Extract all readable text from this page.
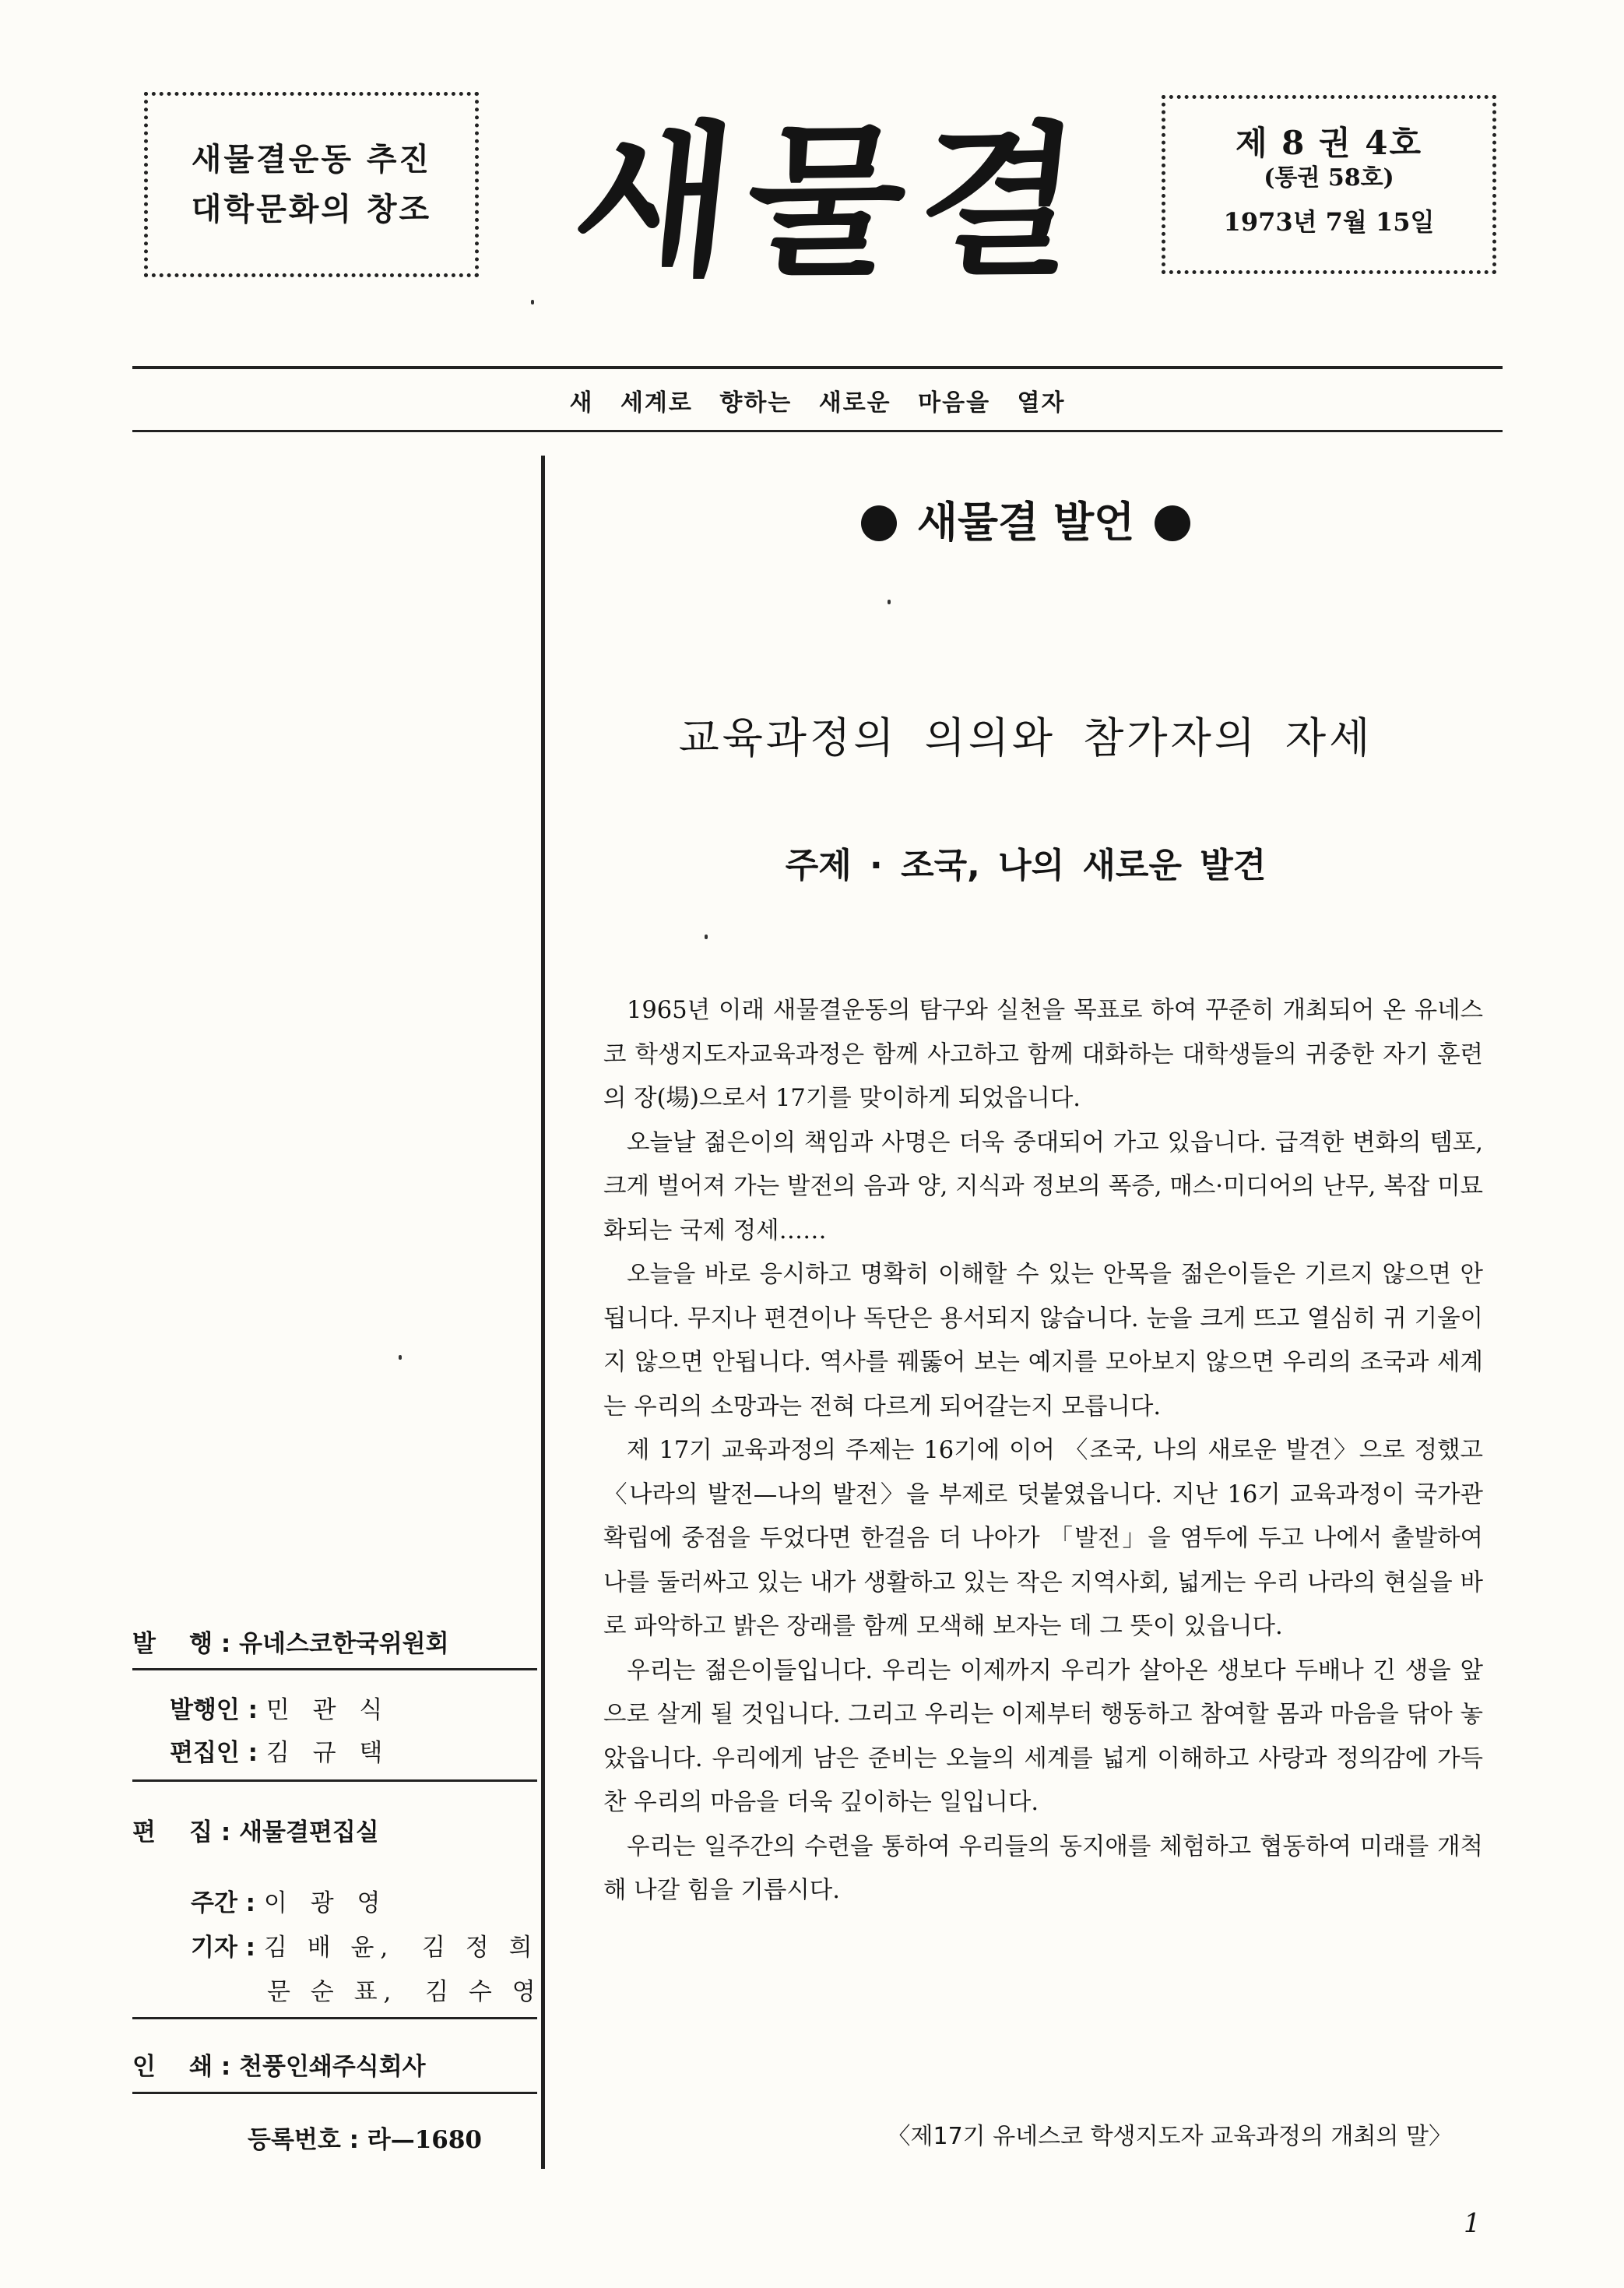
새물결운동 추진
대학문화의 창조 새물결	제 8 권 4호
(통권 58호)
1973년 7월 15일
새 세계로 향하는 새로운 마음을 열자
새물결 발언
교육과정의 의의와 참가자의 자세
주제 · 조국, 나의 새로운 발견

1965년 이래 새물결운동의 탐구와 실천을 목표로 하여 꾸준히 개최되어 온 유네스코 학생지도자교육과정은 함께 사고하고 함께 대화하는 대학생들의 귀중한 자기 훈련의 장(場)으로서 17기를 맞이하게 되었읍니다.

오늘날 젊은이의 책임과 사명은 더욱 중대되어 가고 있읍니다. 급격한 변화의 템포, 크게 벌어져 가는 발전의 음과 양, 지식과 정보의 폭증, 매스·미디어의 난무, 복잡 미묘화되는 국제 정세……

오늘을 바로 응시하고 명확히 이해할 수 있는 안목을 젊은이들은 기르지 않으면 안됩니다. 무지나 편견이나 독단은 용서되지 않습니다. 눈을 크게 뜨고 열심히 귀 기울이지 않으면 안됩니다. 역사를 꿰뚫어 보는 예지를 모아보지 않으면 우리의 조국과 세계는 우리의 소망과는 전혀 다르게 되어갈는지 모릅니다.

제 17기 교육과정의 주제는 16기에 이어 〈조국, 나의 새로운 발견〉으로 정했고 〈나라의 발전—나의 발전〉을 부제로 덧붙였읍니다. 지난 16기 교육과정이 국가관 확립에 중점을 두었다면 한걸음 더 나아가 「발전」을 염두에 두고 나에서 출발하여 나를 둘러싸고 있는 내가 생활하고 있는 작은 지역사회, 넓게는 우리 나라의 현실을 바로 파악하고 밝은 장래를 함께 모색해 보자는 데 그 뜻이 있읍니다.

우리는 젊은이들입니다. 우리는 이제까지 우리가 살아온 생보다 두배나 긴 생을 앞으로 살게 될 것입니다. 그리고 우리는 이제부터 행동하고 참여할 몸과 마음을 닦아 놓았읍니다. 우리에게 남은 준비는 오늘의 세계를 넓게 이해하고 사랑과 정의감에 가득찬 우리의 마음을 더욱 깊이하는 일입니다.

우리는 일주간의 수련을 통하여 우리들의 동지애를 체험하고 협동하여 미래를 개척해 나갈 힘을 기릅시다.

〈제17기 유네스코 학생지도자 교육과정의 개최의 말〉
발    행 : 유네스코한국위원회
발행인 : 민 관 식
편집인 : 김 규 택
편    집 : 새물결편집실
주간 : 이 광 영
기자 : 김 배 윤,  김 정 희
문 순 표,  김 수 영
인    쇄 : 천풍인쇄주식회사
등록번호 : 라—1680
1
